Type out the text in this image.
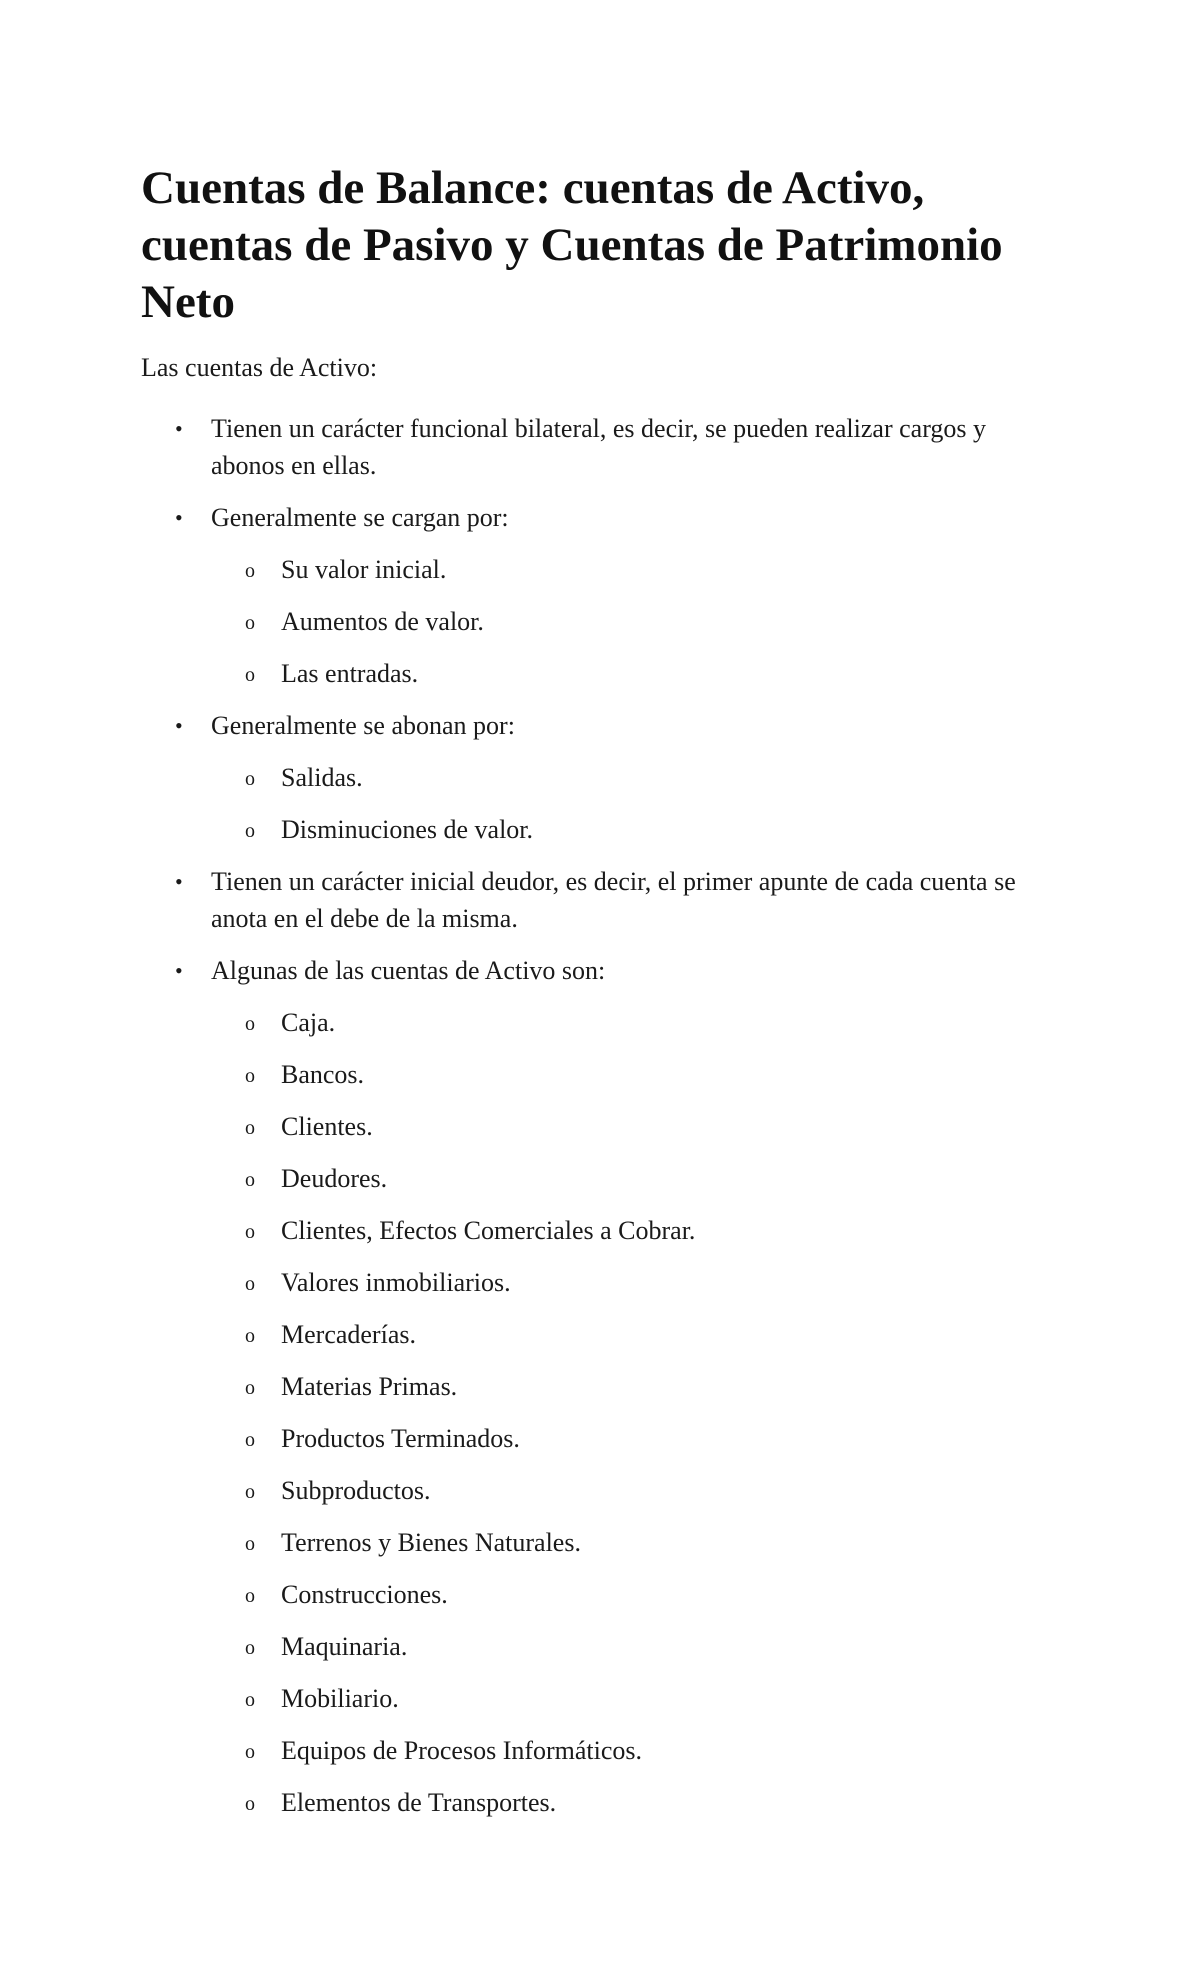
Cuentas de Balance: cuentas de Activo, cuentas de Pasivo y Cuentas de Patrimonio Neto

Las cuentas de Activo:

• Tienen un carácter funcional bilateral, es decir, se pueden realizar cargos y abonos en ellas.
• Generalmente se cargan por:
o Su valor inicial.
o Aumentos de valor.
o Las entradas.
• Generalmente se abonan por:
o Salidas.
o Disminuciones de valor.
• Tienen un carácter inicial deudor, es decir, el primer apunte de cada cuenta se anota en el debe de la misma.
• Algunas de las cuentas de Activo son:
o Caja.
o Bancos.
o Clientes.
o Deudores.
o Clientes, Efectos Comerciales a Cobrar.
o Valores inmobiliarios.
o Mercaderías.
o Materias Primas.
o Productos Terminados.
o Subproductos.
o Terrenos y Bienes Naturales.
o Construcciones.
o Maquinaria.
o Mobiliario.
o Equipos de Procesos Informáticos.
o Elementos de Transportes.
